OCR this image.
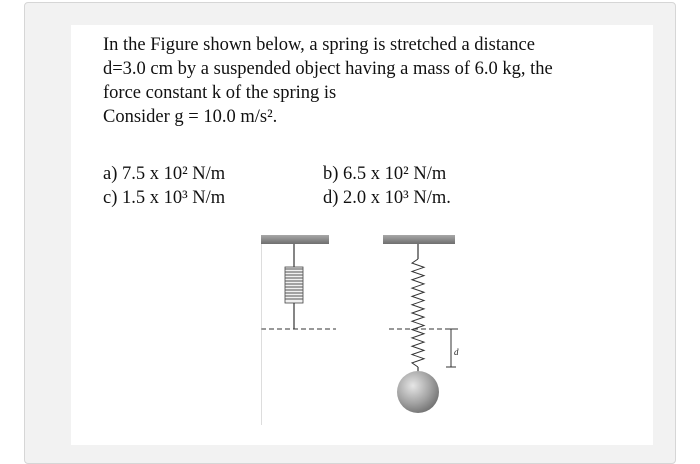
In the Figure shown below, a spring is stretched a distance

d=3.0 cm by a suspended object having a mass of 6.0 kg, the

force constant k of the spring is

Consider g = 10.0 m/s².

a) 7.5 x 10² N/m	b) 6.5 x 10² N/m
c) 1.5 x 10³ N/m	d) 2.0 x 10³ N/m.
d
